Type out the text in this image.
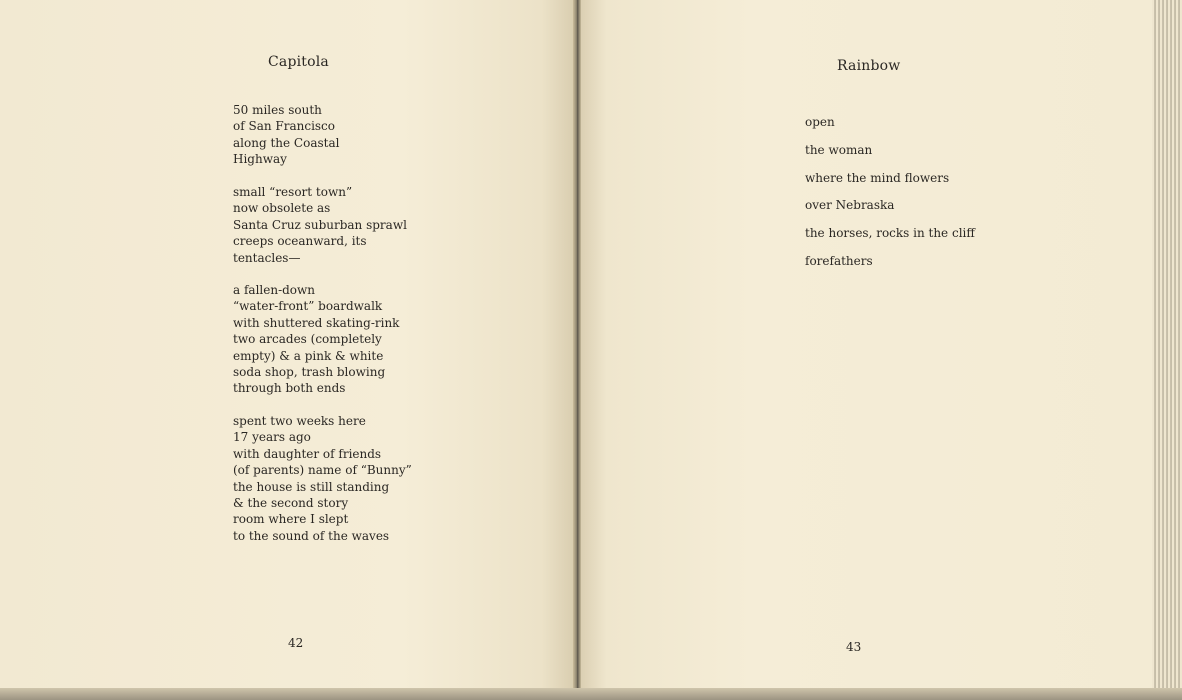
Capitola
50 miles south
of San Francisco
along the Coastal
Highway
small “resort town”
now obsolete as
Santa Cruz suburban sprawl
creeps oceanward, its
tentacles—
a fallen-down
“water-front” boardwalk
with shuttered skating-rink
two arcades (completely
empty) & a pink & white
soda shop, trash blowing
through both ends
spent two weeks here
17 years ago
with daughter of friends
(of parents) name of “Bunny”
the house is still standing
& the second story
room where I slept
to the sound of the waves
42
Rainbow
open
the woman
where the mind flowers
over Nebraska
the horses, rocks in the cliff
forefathers
43
